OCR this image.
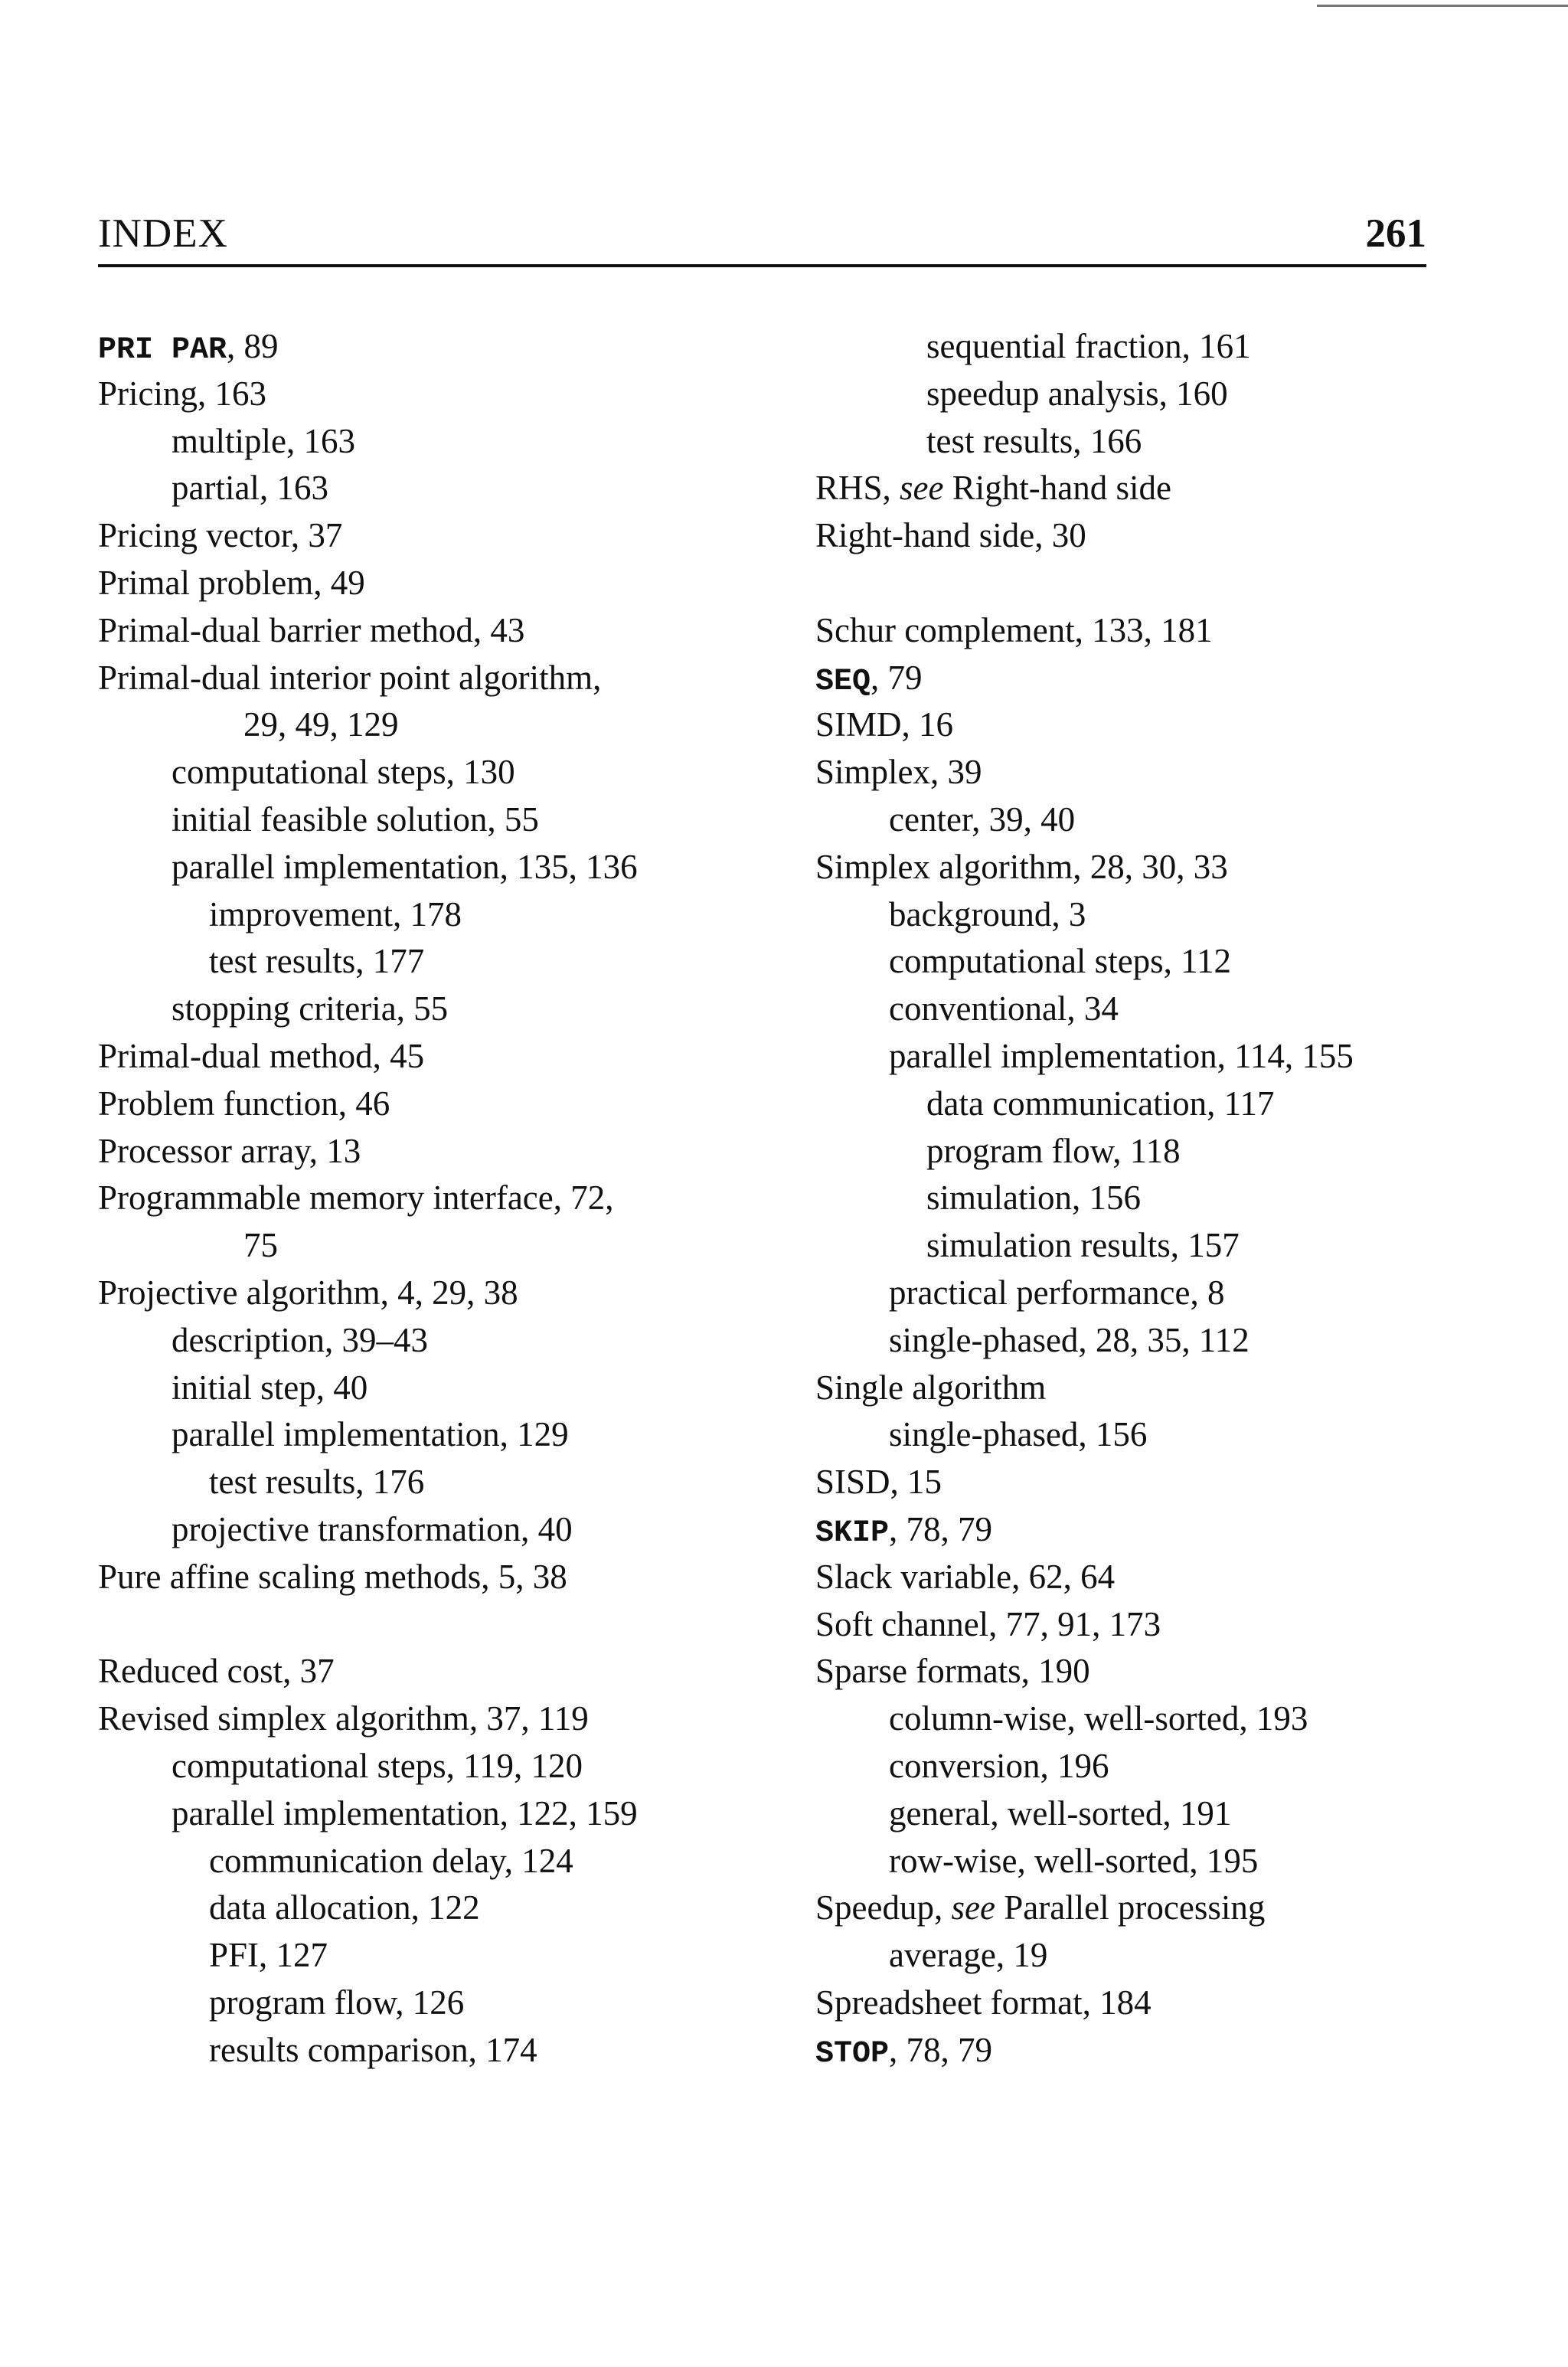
INDEX	261
PRI PAR, 89
Pricing, 163
multiple, 163
partial, 163
Pricing vector, 37
Primal problem, 49
Primal-dual barrier method, 43
Primal-dual interior point algorithm,
29, 49, 129
computational steps, 130
initial feasible solution, 55
parallel implementation, 135, 136
improvement, 178
test results, 177
stopping criteria, 55
Primal-dual method, 45
Problem function, 46
Processor array, 13
Programmable memory interface, 72,
75
Projective algorithm, 4, 29, 38
description, 39–43
initial step, 40
parallel implementation, 129
test results, 176
projective transformation, 40
Pure affine scaling methods, 5, 38
Reduced cost, 37
Revised simplex algorithm, 37, 119
computational steps, 119, 120
parallel implementation, 122, 159
communication delay, 124
data allocation, 122
PFI, 127
program flow, 126
results comparison, 174
sequential fraction, 161
speedup analysis, 160
test results, 166
RHS, see Right-hand side
Right-hand side, 30
Schur complement, 133, 181
SEQ, 79
SIMD, 16
Simplex, 39
center, 39, 40
Simplex algorithm, 28, 30, 33
background, 3
computational steps, 112
conventional, 34
parallel implementation, 114, 155
data communication, 117
program flow, 118
simulation, 156
simulation results, 157
practical performance, 8
single-phased, 28, 35, 112
Single algorithm
single-phased, 156
SISD, 15
SKIP, 78, 79
Slack variable, 62, 64
Soft channel, 77, 91, 173
Sparse formats, 190
column-wise, well-sorted, 193
conversion, 196
general, well-sorted, 191
row-wise, well-sorted, 195
Speedup, see Parallel processing
average, 19
Spreadsheet format, 184
STOP, 78, 79
